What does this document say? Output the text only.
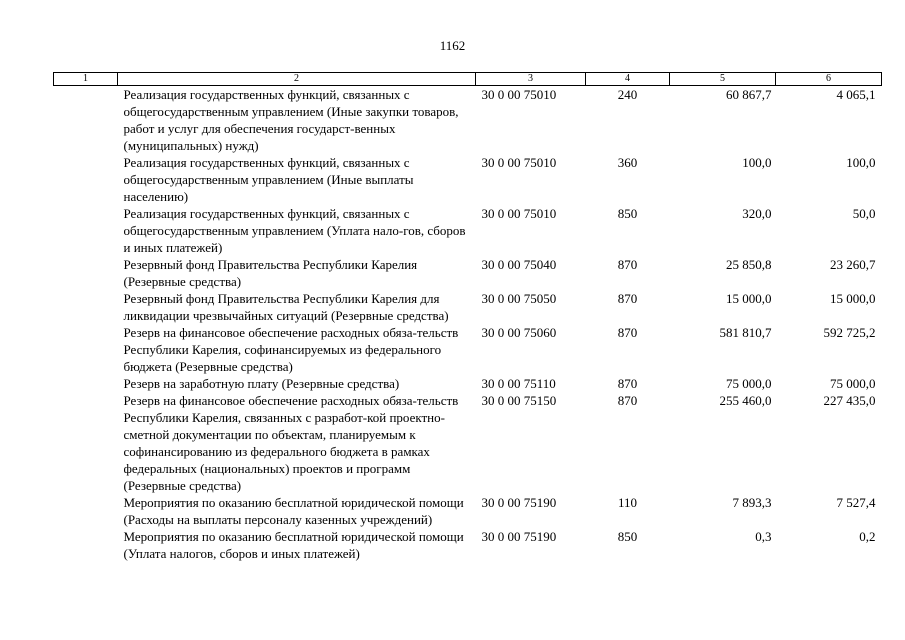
1162
1	2	3	4	5	6
	Реализация государственных функций, связанных с общегосударственным управлением (Иные закупки товаров, работ и услуг для обеспечения государст-венных (муниципальных) нужд)	30 0 00 75010	240	60 867,7	4 065,1
	Реализация государственных функций, связанных с общегосударственным управлением (Иные выплаты населению)	30 0 00 75010	360	100,0	100,0
	Реализация государственных функций, связанных с общегосударственным управлением (Уплата нало-гов, сборов и иных платежей)	30 0 00 75010	850	320,0	50,0
	Резервный фонд Правительства Республики Карелия (Резервные средства)	30 0 00 75040	870	25 850,8	23 260,7
	Резервный фонд Правительства Республики Карелия для ликвидации чрезвычайных ситуаций (Резервные средства)	30 0 00 75050	870	15 000,0	15 000,0
	Резерв на финансовое обеспечение расходных обяза-тельств Республики Карелия, софинансируемых из федерального бюджета (Резервные средства)	30 0 00 75060	870	581 810,7	592 725,2
	Резерв на заработную плату (Резервные средства)	30 0 00 75110	870	75 000,0	75 000,0
	Резерв на финансовое обеспечение расходных обяза-тельств Республики Карелия, связанных с разработ-кой проектно-сметной документации по объектам, планируемым к софинансированию из федерального бюджета в рамках федеральных (национальных) проектов и программ (Резервные средства)	30 0 00 75150	870	255 460,0	227 435,0
	Мероприятия по оказанию бесплатной юридической помощи (Расходы на выплаты персоналу казенных учреждений)	30 0 00 75190	110	7 893,3	7 527,4
	Мероприятия по оказанию бесплатной юридической помощи (Уплата налогов, сборов и иных платежей)	30 0 00 75190	850	0,3	0,2
